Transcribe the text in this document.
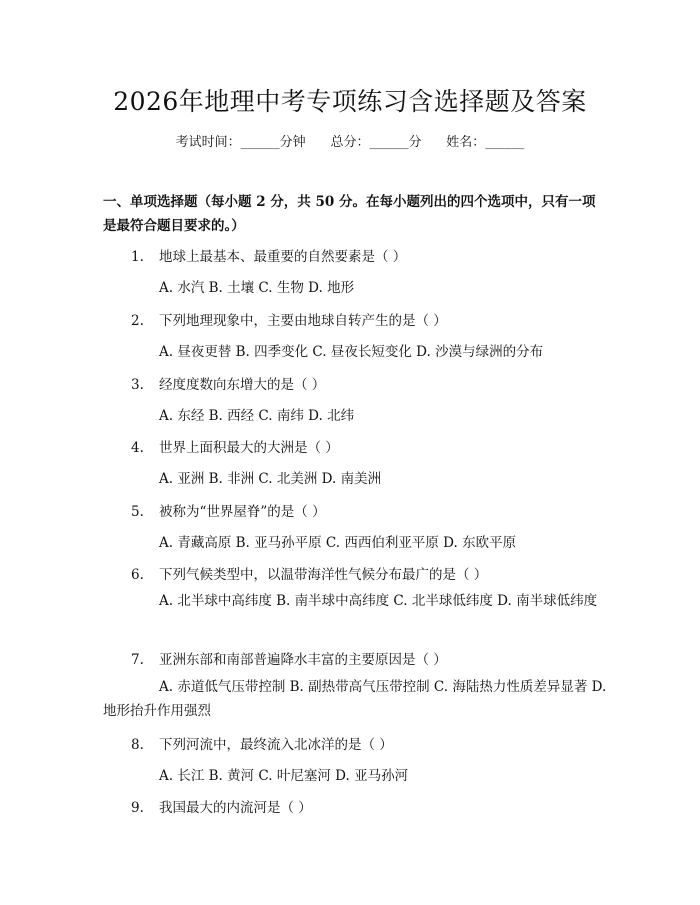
2026年地理中考专项练习含选择题及答案
考试时间：______分钟 总分：______分 姓名：______
一、单项选择题（每小题 2 分，共 50 分。在每小题列出的四个选项中，只有一项是最符合题目要求的。）
1. 地球上最基本、最重要的自然要素是（ ）
A. 水汽 B. 土壤 C. 生物 D. 地形
2. 下列地理现象中，主要由地球自转产生的是（ ）
A. 昼夜更替 B. 四季变化 C. 昼夜长短变化 D. 沙漠与绿洲的分布
3. 经度度数向东增大的是（ ）
A. 东经 B. 西经 C. 南纬 D. 北纬
4. 世界上面积最大的大洲是（ ）
A. 亚洲 B. 非洲 C. 北美洲 D. 南美洲
5. 被称为“世界屋脊”的是（ ）
A. 青藏高原 B. 亚马孙平原 C. 西西伯利亚平原 D. 东欧平原
6. 下列气候类型中，以温带海洋性气候分布最广的是（ ）
A. 北半球中高纬度 B. 南半球中高纬度 C. 北半球低纬度 D. 南半球低纬度
7. 亚洲东部和南部普遍降水丰富的主要原因是（ ）
A. 赤道低气压带控制 B. 副热带高气压带控制 C. 海陆热力性质差异显著 D. 地形抬升作用强烈
8. 下列河流中，最终流入北冰洋的是（ ）
A. 长江 B. 黄河 C. 叶尼塞河 D. 亚马孙河
9. 我国最大的内流河是（ ）
